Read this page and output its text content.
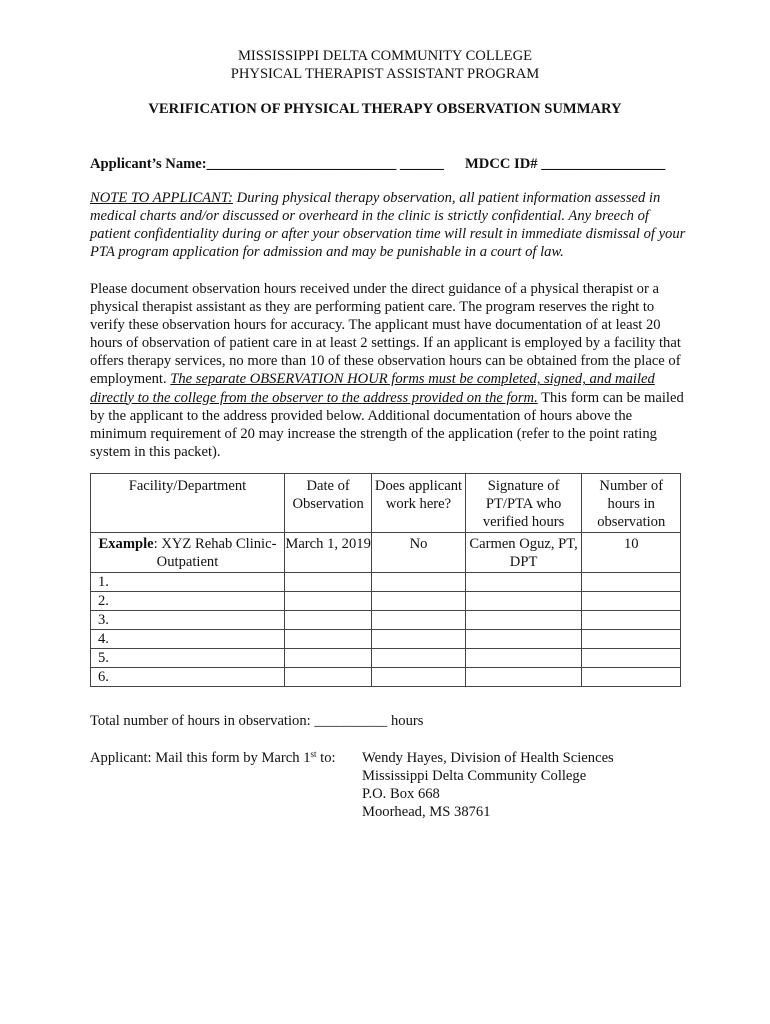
MISSISSIPPI DELTA COMMUNITY COLLEGE
PHYSICAL THERAPIST ASSISTANT PROGRAM
VERIFICATION OF PHYSICAL THERAPY OBSERVATION SUMMARY
Applicant’s Name:__________________________ ______ MDCC ID# _________________
NOTE TO APPLICANT: During physical therapy observation, all patient information assessed in medical charts and/or discussed or overheard in the clinic is strictly confidential. Any breech of patient confidentiality during or after your observation time will result in immediate dismissal of your PTA program application for admission and may be punishable in a court of law.
Please document observation hours received under the direct guidance of a physical therapist or a physical therapist assistant as they are performing patient care. The program reserves the right to verify these observation hours for accuracy. The applicant must have documentation of at least 20 hours of observation of patient care in at least 2 settings. If an applicant is employed by a facility that offers therapy services, no more than 10 of these observation hours can be obtained from the place of employment. The separate OBSERVATION HOUR forms must be completed, signed, and mailed directly to the college from the observer to the address provided on the form. This form can be mailed by the applicant to the address provided below. Additional documentation of hours above the minimum requirement of 20 may increase the strength of the application (refer to the point rating system in this packet).
Facility/Department	Date of Observation	Does applicant work here?	Signature of PT/PTA who verified hours	Number of hours in observation
Example: XYZ Rehab Clinic- Outpatient	March 1, 2019	No	Carmen Oguz, PT, DPT	10
1.				
2.				
3.				
4.				
5.				
6.				
Total number of hours in observation: __________ hours
Applicant: Mail this form by March 1st to: Wendy Hayes, Division of Health Sciences
Mississippi Delta Community College
P.O. Box 668
Moorhead, MS 38761
